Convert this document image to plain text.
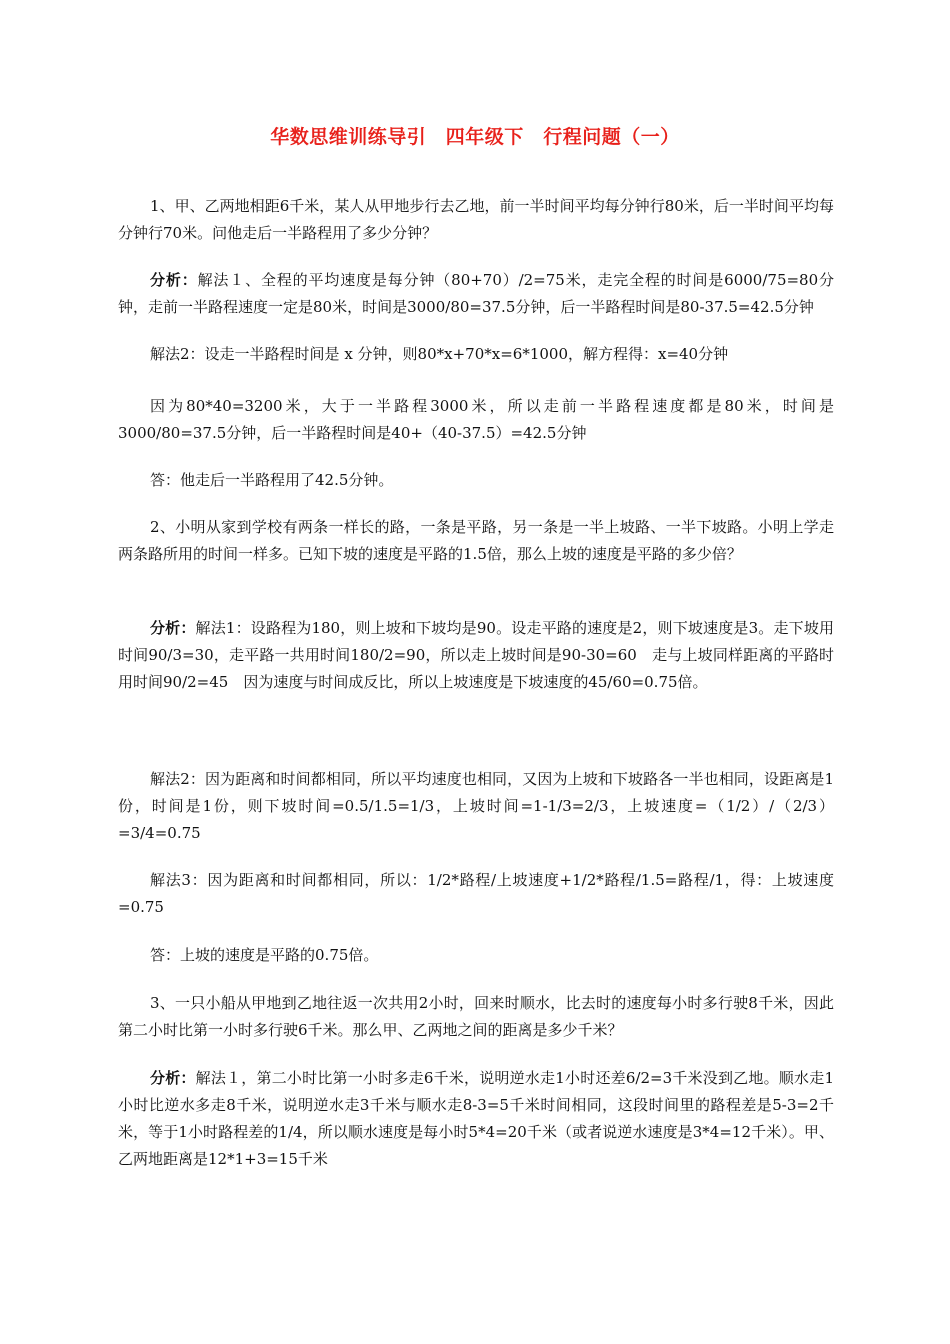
华数思维训练导引　四年级下　行程问题（一）
1、甲、乙两地相距6千米，某人从甲地步行去乙地，前一半时间平均每分钟行80米，后一半时间平均每分钟行70米。问他走后一半路程用了多少分钟？
分析：解法１、全程的平均速度是每分钟（80+70）/2=75米，走完全程的时间是6000/75=80分钟，走前一半路程速度一定是80米，时间是3000/80=37.5分钟，后一半路程时间是80-37.5=42.5分钟
解法2：设走一半路程时间是 x 分钟，则80*x+70*x=6*1000，解方程得：x=40分钟
因为80*40=3200米，大于一半路程3000米，所以走前一半路程速度都是80米，时间是3000/80=37.5分钟，后一半路程时间是40+（40-37.5）=42.5分钟
答：他走后一半路程用了42.5分钟。
2、小明从家到学校有两条一样长的路，一条是平路，另一条是一半上坡路、一半下坡路。小明上学走两条路所用的时间一样多。已知下坡的速度是平路的1.5倍，那么上坡的速度是平路的多少倍？
分析：解法1：设路程为180，则上坡和下坡均是90。设走平路的速度是2，则下坡速度是3。走下坡用时间90/3=30，走平路一共用时间180/2=90，所以走上坡时间是90-30=60　走与上坡同样距离的平路时用时间90/2=45　因为速度与时间成反比，所以上坡速度是下坡速度的45/60=0.75倍。
解法2：因为距离和时间都相同，所以平均速度也相同，又因为上坡和下坡路各一半也相同，设距离是1份，时间是1份，则下坡时间=0.5/1.5=1/3，上坡时间=1-1/3=2/3，上坡速度=（1/2）/（2/3）=3/4=0.75
解法3：因为距离和时间都相同，所以：1/2*路程/上坡速度+1/2*路程/1.5=路程/1，得：上坡速度=0.75
答：上坡的速度是平路的0.75倍。
3、一只小船从甲地到乙地往返一次共用2小时，回来时顺水，比去时的速度每小时多行驶8千米，因此第二小时比第一小时多行驶6千米。那么甲、乙两地之间的距离是多少千米？
分析：解法１，第二小时比第一小时多走6千米，说明逆水走1小时还差6/2=3千米没到乙地。顺水走1小时比逆水多走8千米，说明逆水走3千米与顺水走8-3=5千米时间相同，这段时间里的路程差是5-3=2千米，等于1小时路程差的1/4，所以顺水速度是每小时5*4=20千米（或者说逆水速度是3*4=12千米）。甲、乙两地距离是12*1+3=15千米
